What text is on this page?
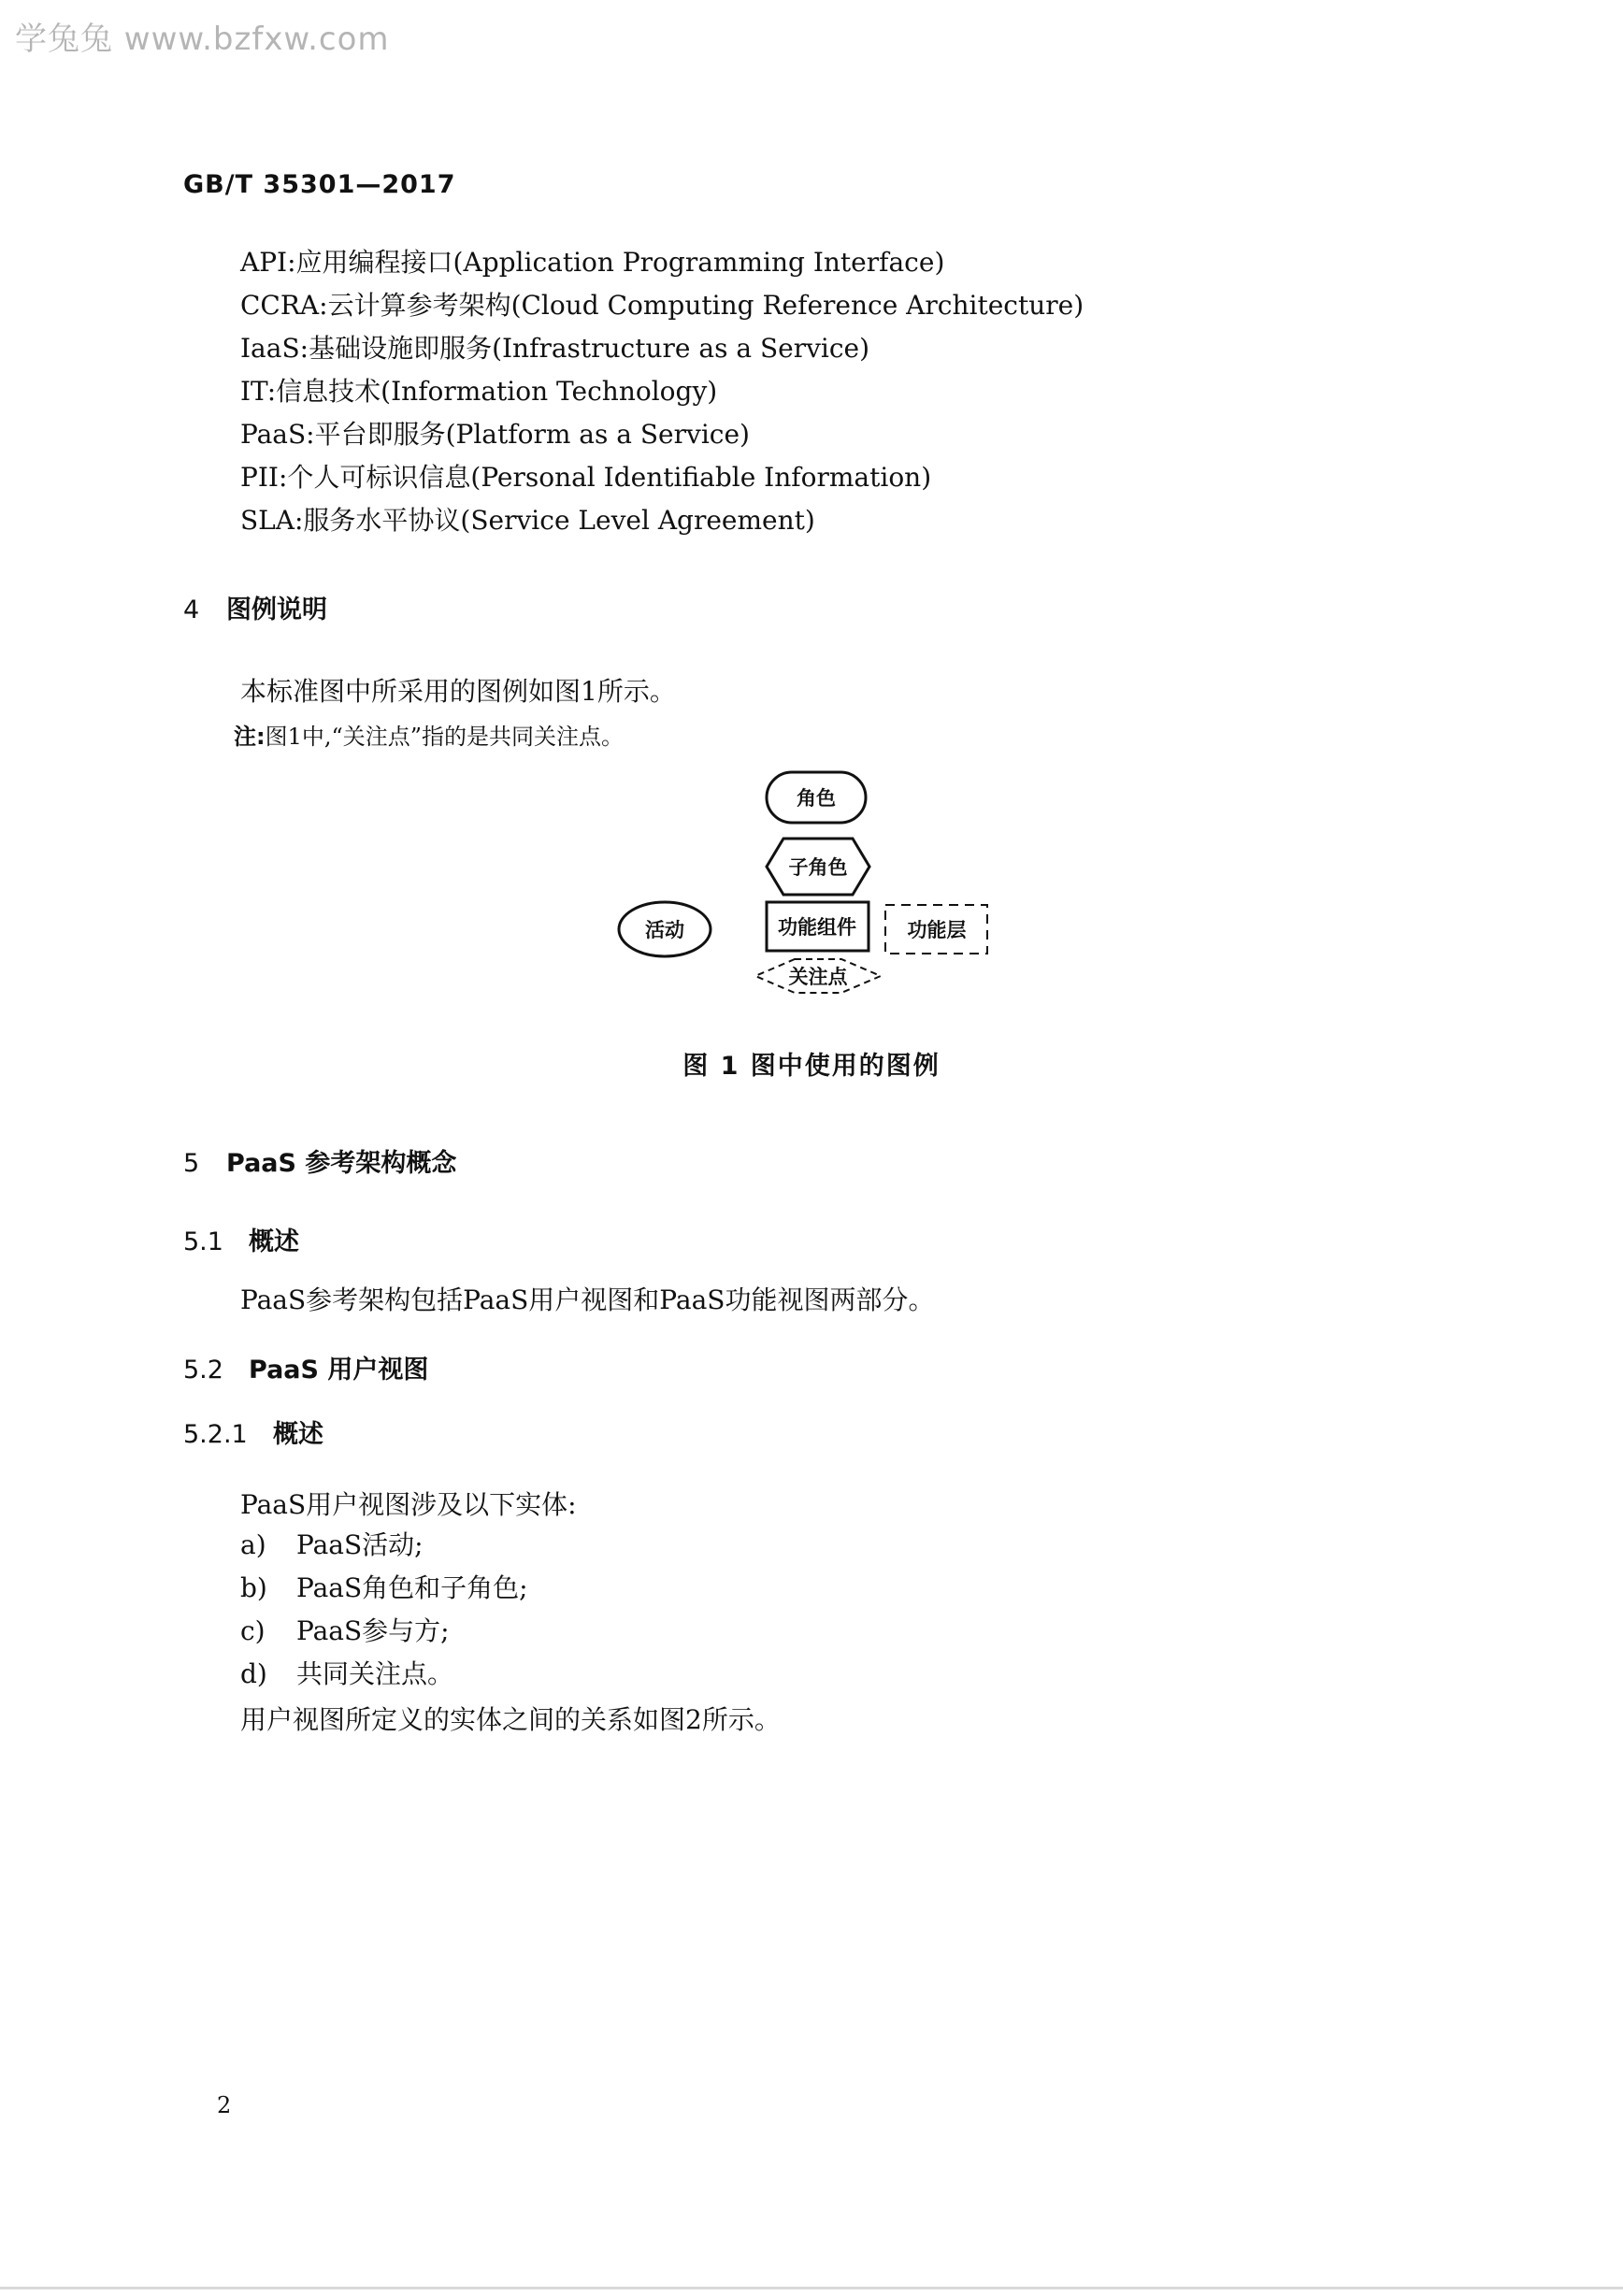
学兔兔 www.bzfxw.com
GB/T 35301—2017
API:应用编程接口(Application Programming Interface)
CCRA:云计算参考架构(Cloud Computing Reference Architecture)
IaaS:基础设施即服务(Infrastructure as a Service)
IT:信息技术(Information Technology)
PaaS:平台即服务(Platform as a Service)
PII:个人可标识信息(Personal Identifiable Information)
SLA:服务水平协议(Service Level Agreement)
4 图例说明
本标准图中所采用的图例如图1所示。
注:图1中,“关注点”指的是共同关注点。
角色
子角色
活动	功能组件	功能层
关注点
图 1 图中使用的图例
5 PaaS 参考架构概念
5.1 概述
PaaS参考架构包括PaaS用户视图和PaaS功能视图两部分。
5.2 PaaS 用户视图
5.2.1 概述
PaaS用户视图涉及以下实体:
a) PaaS活动;
b) PaaS角色和子角色;
c) PaaS参与方;
d) 共同关注点。
用户视图所定义的实体之间的关系如图2所示。
2
